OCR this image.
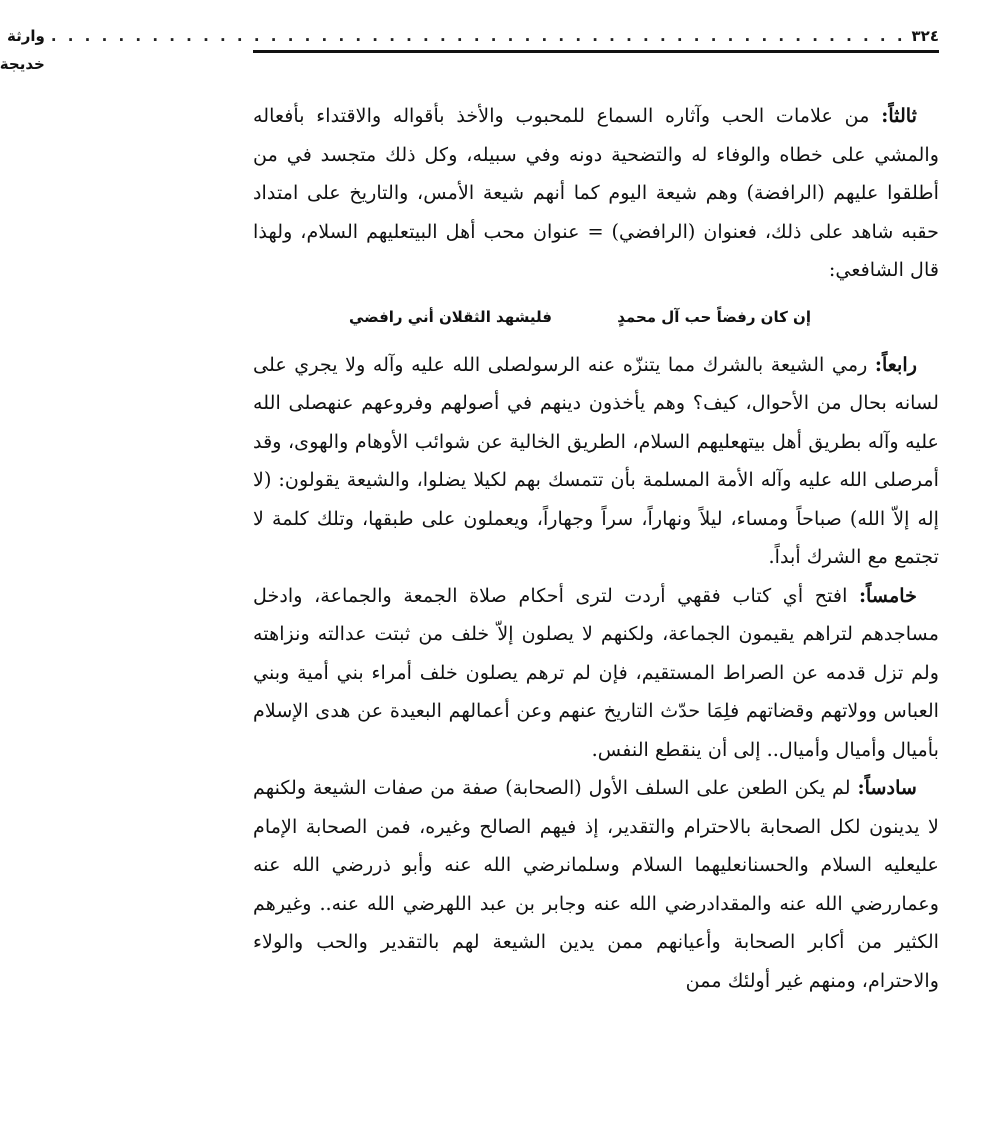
٣٢٤
. . . . . . . . . . . . . . . . . . . . . . . . . . . . . . . . . . . . . . . . . . . . . . . . . . .
وارثة خديجة

ثالثاً: من علامات الحب وآثاره السماع للمحبوب والأخذ بأقواله والاقتداء بأفعاله والمشي على خطاه والوفاء له والتضحية دونه وفي سبيله، وكل ذلك متجسد في من أطلقوا عليهم (الرافضة) وهم شيعة اليوم كما أنهم شيعة الأمس، والتاريخ على امتداد حقبه شاهد على ذلك، فعنوان (الرافضي) = عنوان محب أهل البيتعليهم السلام، ولهذا قال الشافعي:

إن كان رفضاً حب آل محمدٍ
فليشهد الثقلان أني رافضي

رابعاً: رمي الشيعة بالشرك مما يتنزّه عنه الرسولصلى الله عليه وآله ولا يجري على لسانه بحال من الأحوال، كيف؟ وهم يأخذون دينهم في أصولهم وفروعهم عنهصلى الله عليه وآله بطريق أهل بيتهعليهم السلام، الطريق الخالية عن شوائب الأوهام والهوى، وقد أمرصلى الله عليه وآله الأمة المسلمة بأن تتمسك بهم لكيلا يضلوا، والشيعة يقولون: (لا إله إلاّ الله) صباحاً ومساء، ليلاً ونهاراً، سراً وجهاراً، ويعملون على طبقها، وتلك كلمة لا تجتمع مع الشرك أبداً.

خامساً: افتح أي كتاب فقهي أردت لترى أحكام صلاة الجمعة والجماعة، وادخل مساجدهم لتراهم يقيمون الجماعة، ولكنهم لا يصلون إلاّ خلف من ثبتت عدالته ونزاهته ولم تزل قدمه عن الصراط المستقيم، فإن لم ترهم يصلون خلف أمراء بني أمية وبني العباس وولاتهم وقضاتهم فلِمَا حدّث التاريخ عنهم وعن أعمالهم البعيدة عن هدى الإسلام بأميال وأميال وأميال.. إلى أن ينقطع النفس.

سادساً: لم يكن الطعن على السلف الأول (الصحابة) صفة من صفات الشيعة ولكنهم لا يدينون لكل الصحابة بالاحترام والتقدير، إذ فيهم الصالح وغيره، فمن الصحابة الإمام عليعليه السلام والحسنانعليهما السلام وسلمانرضي الله عنه وأبو ذررضي الله عنه وعماررضي الله عنه والمقدادرضي الله عنه وجابر بن عبد اللهرضي الله عنه.. وغيرهم الكثير من أكابر الصحابة وأعيانهم ممن يدين الشيعة لهم بالتقدير والحب والولاء والاحترام، ومنهم غير أولئك ممن
